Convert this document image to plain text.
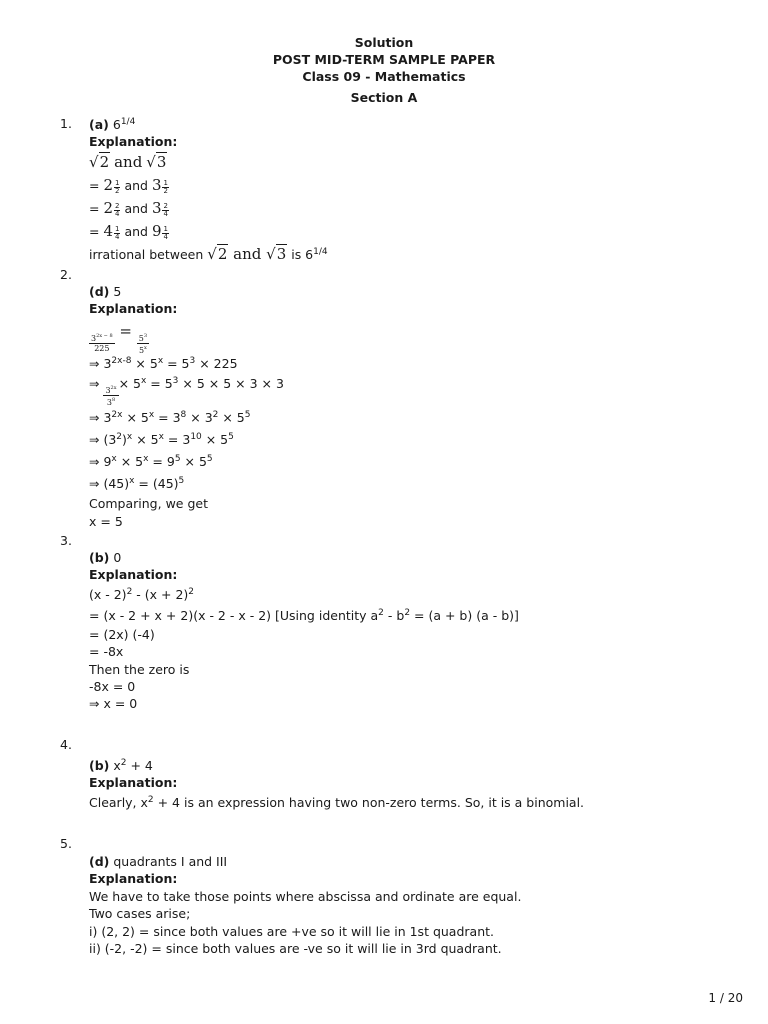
Solution
POST MID-TERM SAMPLE PAPER
Class 09 - Mathematics
Section A
1. (a) $6^{1/4}$
Explanation:
√2 and √3
= $2 \frac{1}{2}$ and $3 \frac{1}{2}$
= $2 \frac{2}{4}$ and $3 \frac{2}{4}$
= $4 \frac{1}{4}$ and $9 \frac{1}{4}$
irrational between √2 and √3 is $6^{1/4}$
2.
(d) 5
Explanation:
$\frac{3^{2x - 8}}{225}$
=
$\frac{5^3}{5^x}$
⇒ $3^{2x-8} \times 5^x = 5^3 \times 225$
⇒
$\frac{3^{2x}}{3^8}$
× $5^x = 5^3 \times 5 \times 5 \times 3 \times 3$
⇒ $3^{2x} \times 5^x = 3^8 \times 3^2 \times 5^5$
⇒ $(3^2)^x \times 5^x = 3^{10} \times 5^5$
⇒ $9^x \times 5^x = 9^5 \times 5^5$
⇒ $(45)^x = (45)^5$
Comparing, we get
x = 5
3.
(b) 0
Explanation:
$(x - 2)^2 - (x + 2)^2$
= (x - 2 + x + 2)(x - 2 - x - 2) [Using identity $a^2 - b^2 = (a + b)$ (a - b)]
= (2x) (-4)
= -8x
Then the zero is
-8x = 0
⇒ x = 0
4.
(b) $x^2 + 4$
Explanation:
Clearly, $x^2 + 4$ is an expression having two non-zero terms. So, it is a binomial.
5.
(d) quadrants I and III
Explanation:
We have to take those points where abscissa and ordinate are equal.
Two cases arise;
i) (2, 2) = since both values are +ve so it will lie in 1st quadrant.
ii) (-2, -2) = since both values are -ve so it will lie in 3rd quadrant.
1 / 20
